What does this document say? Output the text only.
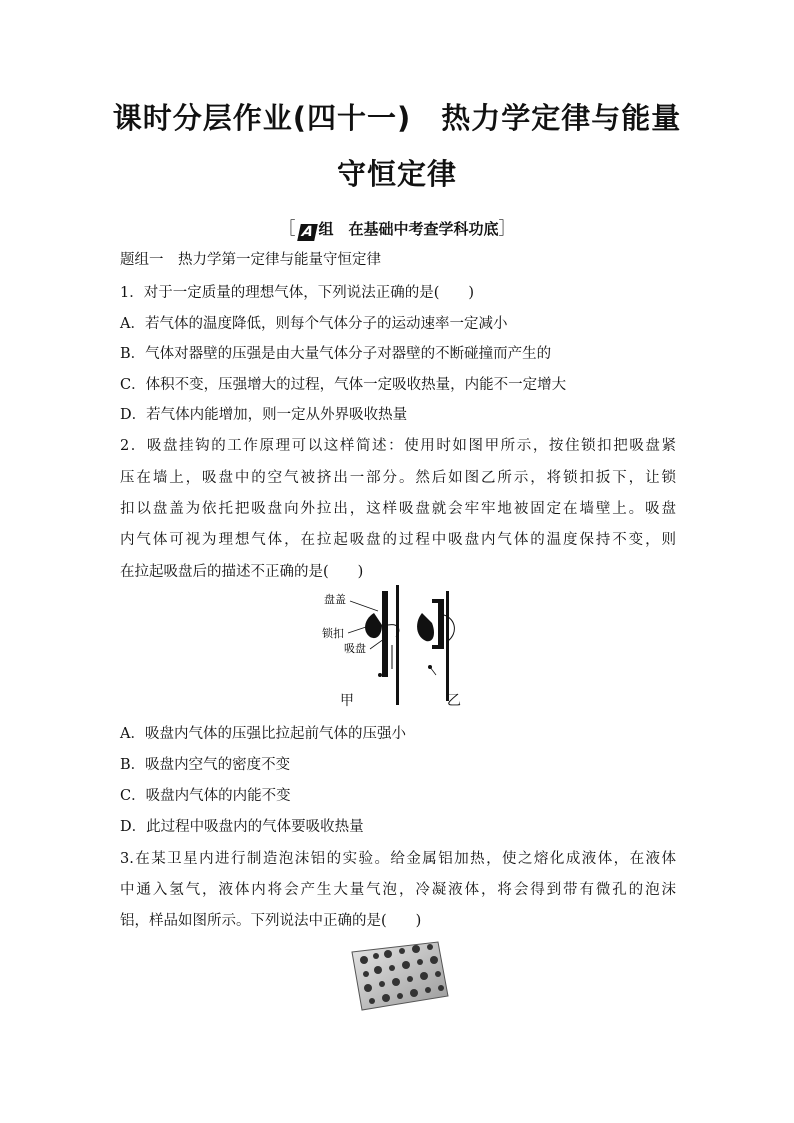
课时分层作业(四十一)　热力学定律与能量
守恒定律
［ A 组　在基础中考查学科功底］
题组一　热力学第一定律与能量守恒定律
1．对于一定质量的理想气体，下列说法正确的是(　　)
A．若气体的温度降低，则每个气体分子的运动速率一定减小
B．气体对器壁的压强是由大量气体分子对器壁的不断碰撞而产生的
C．体积不变，压强增大的过程，气体一定吸收热量，内能不一定增大
D．若气体内能增加，则一定从外界吸收热量
2．吸盘挂钩的工作原理可以这样简述：使用时如图甲所示，按住锁扣把吸盘紧
压在墙上，吸盘中的空气被挤出一部分。然后如图乙所示，将锁扣扳下，让锁
扣以盘盖为依托把吸盘向外拉出，这样吸盘就会牢牢地被固定在墙壁上。吸盘
内气体可视为理想气体，在拉起吸盘的过程中吸盘内气体的温度保持不变，则
在拉起吸盘后的描述不正确的是(　　)
盘盖
锁扣
吸盘
甲	乙
A．吸盘内气体的压强比拉起前气体的压强小
B．吸盘内空气的密度不变
C．吸盘内气体的内能不变
D．此过程中吸盘内的气体要吸收热量
3.在某卫星内进行制造泡沫铝的实验。给金属铝加热，使之熔化成液体，在液体
中通入氢气，液体内将会产生大量气泡，冷凝液体，将会得到带有微孔的泡沫
铝，样品如图所示。下列说法中正确的是(　　)
